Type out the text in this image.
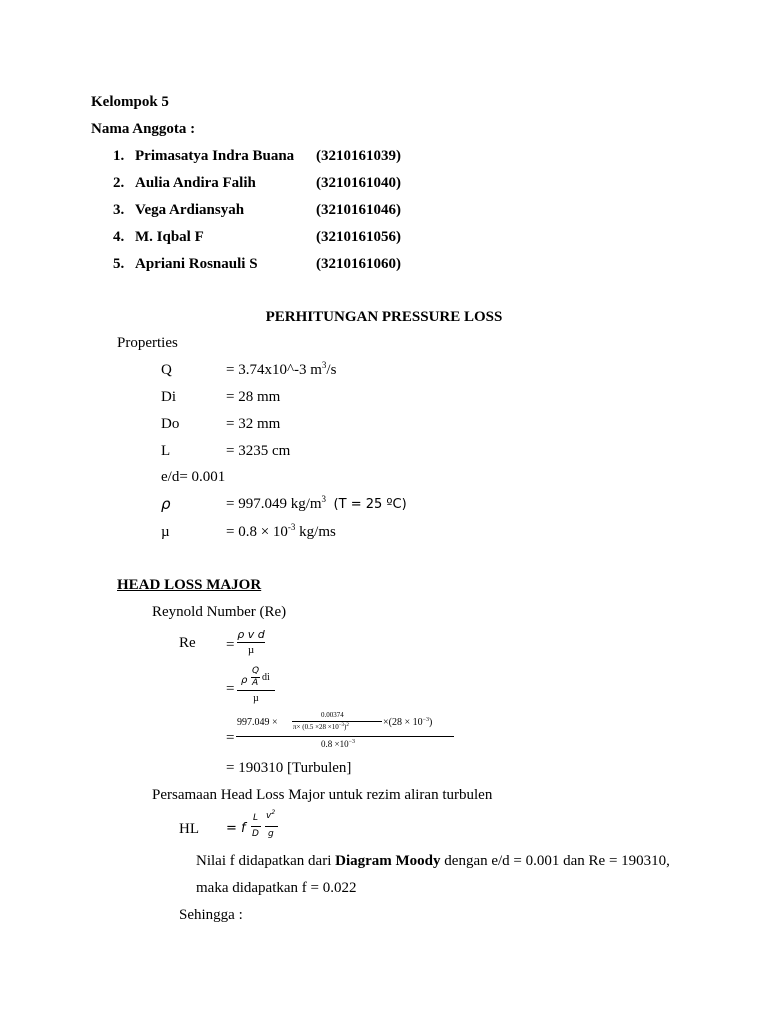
Kelompok 5
Nama Anggota :
1. Primasatya Indra Buana (3210161039)
2. Aulia Andira Falih	(3210161040)
3. Vega Ardiansyah	(3210161046)
4. M. Iqbal F	(3210161056)
5. Apriani Rosnauli S	(3210161060)
PERHITUNGAN PRESSURE LOSS
Properties
Q	= 3.74x10^-3 $m^3/s$
Di	= 28 mm
Do	= 32 mm
L	= 3235 cm
e/d= 0.001
ρ	= 997.049 $kg/m^3$ (T = 25 ºC)
µ	= $0.8 \times 10^{-3}$ kg/ms
HEAD LOSS MAJOR
Reynold Number (Re)
Re =
ρ v d
µ
=
ρ
Q
A di
µ
=
997.049 ×
0.00374
$\pi\times (0.5 \times 28 \times 10^{-3})^2$	$\times(28 \times 10^{-3})$
$0.8 \times 10^{-3}$
= 190310 [Turbulen]
Persamaan Head Loss Major untuk rezim aliran turbulen
HL = f
L
D
$v^2$
g
Nilai f didapatkan dari Diagram Moody dengan e/d = 0.001 dan Re = 190310,
maka didapatkan f = 0.022
Sehingga :
